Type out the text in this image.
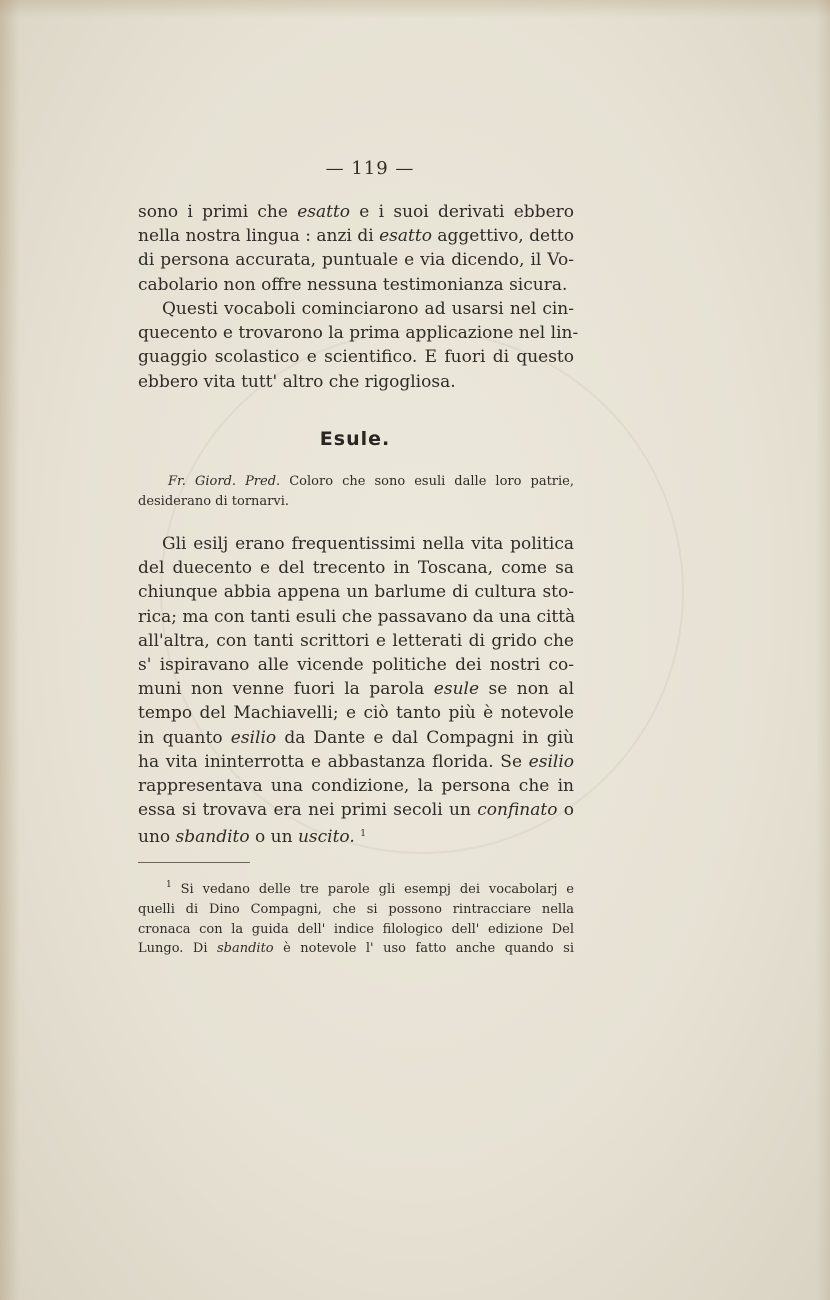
— 119 —

sono i primi che esatto e i suoi derivati ebbero
nella nostra lingua : anzi di esatto aggettivo, detto
di persona accurata, puntuale e via dicendo, il Vo-
cabolario non offre nessuna testimonianza sicura.

Questi vocaboli cominciarono ad usarsi nel cin-
quecento e trovarono la prima applicazione nel lin-
guaggio scolastico e scientifico. E fuori di questo
ebbero vita tutt' altro che rigogliosa.

Esule.

Fr. Giord. Pred. Coloro che sono esuli dalle loro patrie,
desiderano di tornarvi.

Gli esilj erano frequentissimi nella vita politica
del duecento e del trecento in Toscana, come sa
chiunque abbia appena un barlume di cultura sto-
rica; ma con tanti esuli che passavano da una città
all'altra, con tanti scrittori e letterati di grido che
s' ispiravano alle vicende politiche dei nostri co-
muni non venne fuori la parola esule se non al
tempo del Machiavelli; e ciò tanto più è notevole
in quanto esilio da Dante e dal Compagni in giù
ha vita ininterrotta e abbastanza florida. Se esilio
rappresentava una condizione, la persona che in
essa si trovava era nei primi secoli un confinato o
uno sbandito o un uscito. $^1$

$^1$ Si vedano delle tre parole gli esempj dei vocabolarj e
quelli di Dino Compagni, che si possono rintracciare nella
cronaca con la guida dell' indice filologico dell' edizione Del
Lungo. Di sbandito è notevole l' uso fatto anche quando si
